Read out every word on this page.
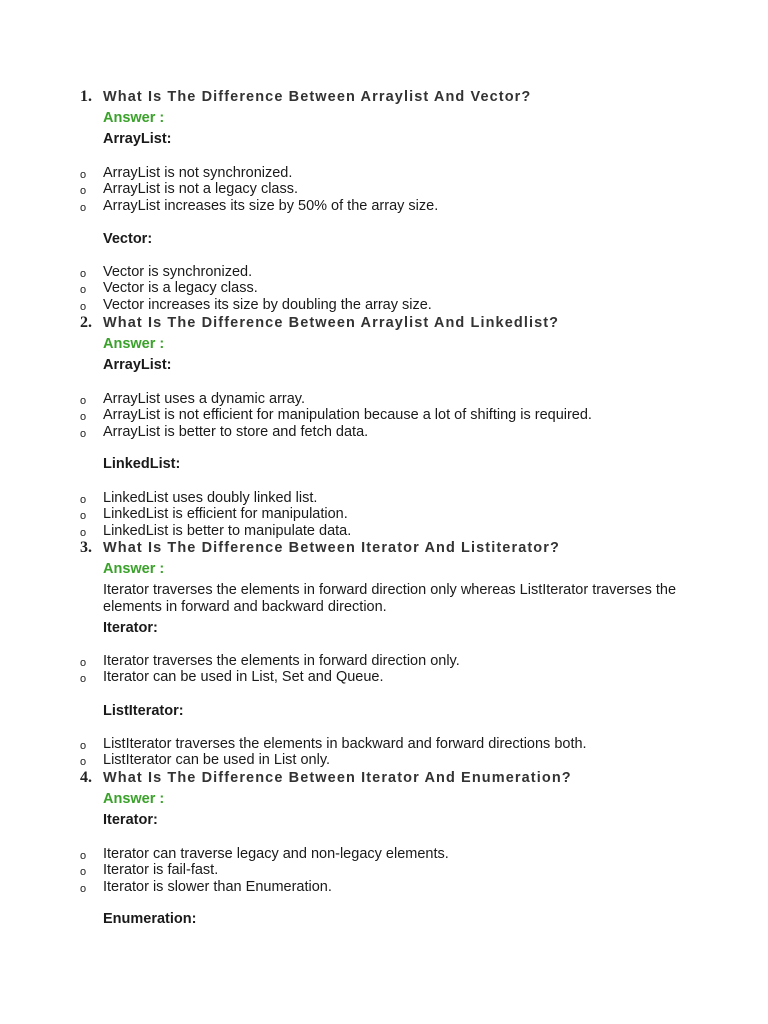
1. What Is The Difference Between Arraylist And Vector?
Answer :
ArrayList:
o ArrayList is not synchronized.
o ArrayList is not a legacy class.
o ArrayList increases its size by 50% of the array size.
Vector:
o Vector is synchronized.
o Vector is a legacy class.
o Vector increases its size by doubling the array size.
2. What Is The Difference Between Arraylist And Linkedlist?
Answer :
ArrayList:
o ArrayList uses a dynamic array.
o ArrayList is not efficient for manipulation because a lot of shifting is required.
o ArrayList is better to store and fetch data.
LinkedList:
o LinkedList uses doubly linked list.
o LinkedList is efficient for manipulation.
o LinkedList is better to manipulate data.
3. What Is The Difference Between Iterator And Listiterator?
Answer :
Iterator traverses the elements in forward direction only whereas ListIterator traverses the elements in forward and backward direction.
Iterator:
o Iterator traverses the elements in forward direction only.
o Iterator can be used in List, Set and Queue.
ListIterator:
o ListIterator traverses the elements in backward and forward directions both.
o ListIterator can be used in List only.
4. What Is The Difference Between Iterator And Enumeration?
Answer :
Iterator:
o Iterator can traverse legacy and non-legacy elements.
o Iterator is fail-fast.
o Iterator is slower than Enumeration.
Enumeration:
